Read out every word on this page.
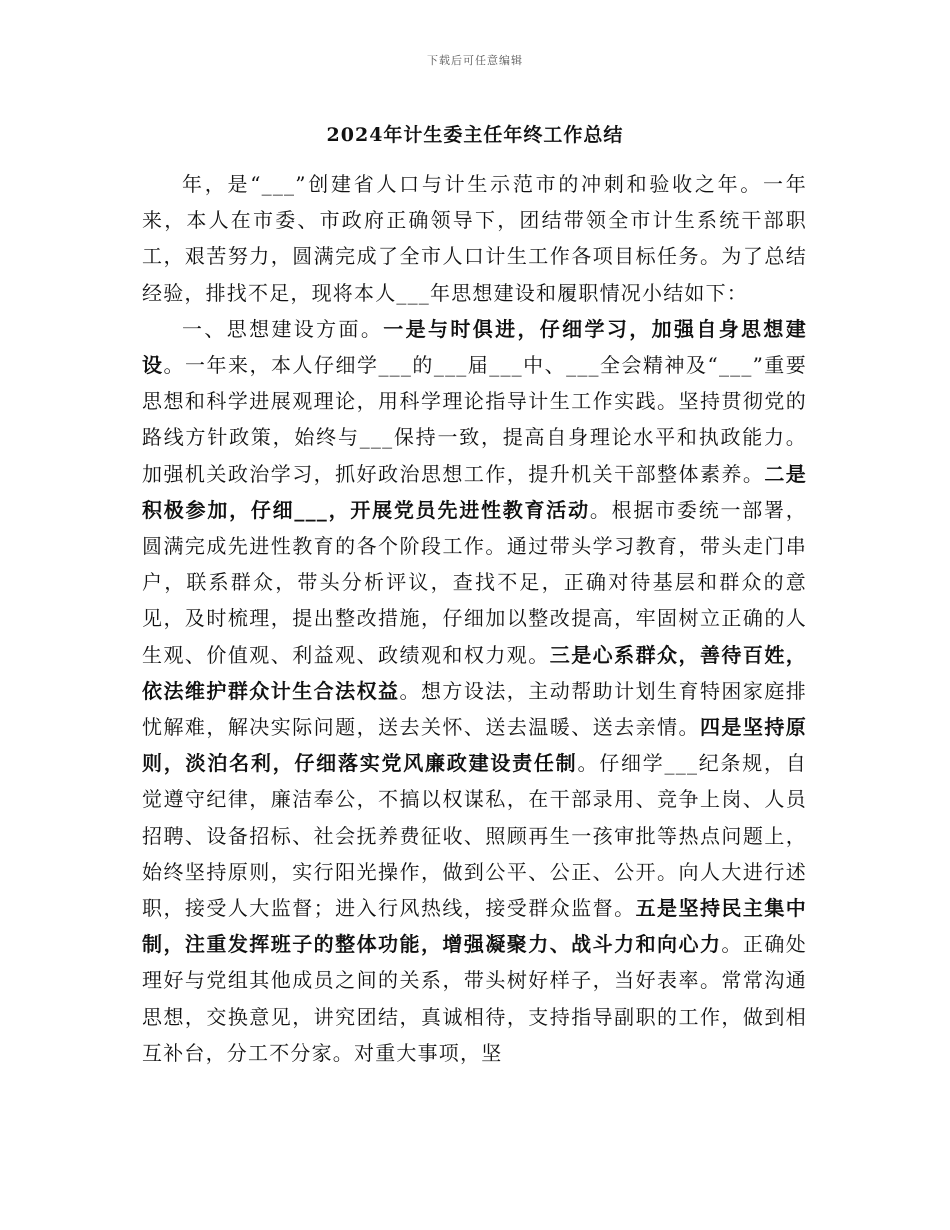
下载后可任意编辑
2024年计生委主任年终工作总结

年，是“___”创建省人口与计生示范市的冲刺和验收之年。一年来，本人在市委、市政府正确领导下，团结带领全市计生系统干部职工，艰苦努力，圆满完成了全市人口计生工作各项目标任务。为了总结经验，排找不足，现将本人___年思想建设和履职情况小结如下：

一、思想建设方面。一是与时俱进，仔细学习，加强自身思想建设。一年来，本人仔细学___的___届___中、___全会精神及“___”重要思想和科学进展观理论，用科学理论指导计生工作实践。坚持贯彻党的路线方针政策，始终与___保持一致，提高自身理论水平和执政能力。加强机关政治学习，抓好政治思想工作，提升机关干部整体素养。二是积极参加，仔细___，开展党员先进性教育活动。根据市委统一部署，圆满完成先进性教育的各个阶段工作。通过带头学习教育，带头走门串户，联系群众，带头分析评议，查找不足，正确对待基层和群众的意见，及时梳理，提出整改措施，仔细加以整改提高，牢固树立正确的人生观、价值观、利益观、政绩观和权力观。三是心系群众，善待百姓，依法维护群众计生合法权益。想方设法，主动帮助计划生育特困家庭排忧解难，解决实际问题，送去关怀、送去温暖、送去亲情。四是坚持原则，淡泊名利，仔细落实党风廉政建设责任制。仔细学___纪条规，自觉遵守纪律，廉洁奉公，不搞以权谋私，在干部录用、竞争上岗、人员招聘、设备招标、社会抚养费征收、照顾再生一孩审批等热点问题上，始终坚持原则，实行阳光操作，做到公平、公正、公开。向人大进行述职，接受人大监督；进入行风热线，接受群众监督。五是坚持民主集中制，注重发挥班子的整体功能，增强凝聚力、战斗力和向心力。正确处理好与党组其他成员之间的关系，带头树好样子，当好表率。常常沟通思想，交换意见，讲究团结，真诚相待，支持指导副职的工作，做到相互补台，分工不分家。对重大事项，坚
